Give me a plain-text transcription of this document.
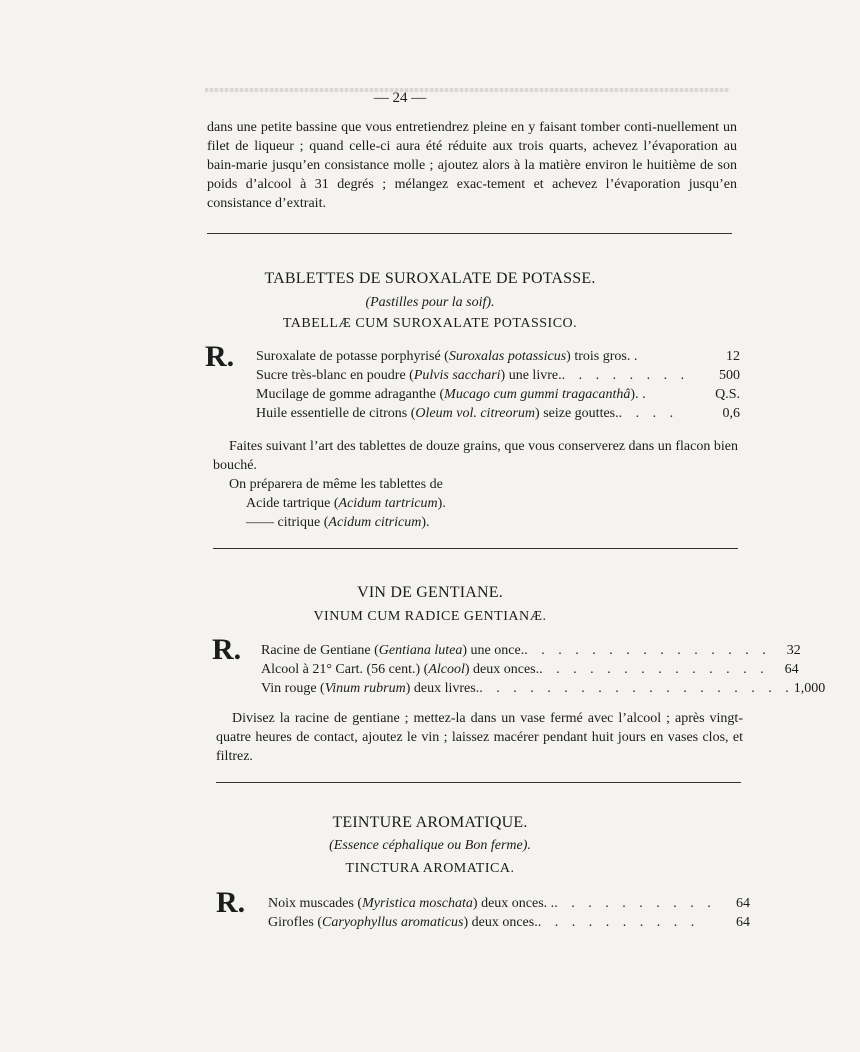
— 24 —
dans une petite bassine que vous entretiendrez pleine en y faisant tomber conti-nuellement un filet de liqueur ; quand celle-ci aura été réduite aux trois quarts, achevez l’évaporation au bain-marie jusqu’en consistance molle ; ajoutez alors à la matière environ le huitième de son poids d’alcool à 31 degrés ; mélangez exac-tement et achevez l’évaporation jusqu’en consistance d’extrait.
TABLETTES DE SUROXALATE DE POTASSE.
(Pastilles pour la soif).
TABELLÆ CUM SUROXALATE POTASSICO.
R. Suroxalate de potasse porphyrisé (Suroxalas potassicus) trois gros. .	12
Sucre très-blanc en poudre (Pulvis sacchari) une livre. . . . . . . . .	500
Mucilage de gomme adraganthe (Mucago cum gummi tragacanthâ). .	Q.S.
Huile essentielle de citrons (Oleum vol. citreorum) seize gouttes. . . . .	0,6
Faites suivant l’art des tablettes de douze grains, que vous conserverez dans un flacon bien bouché.
On préparera de même les tablettes de
Acide tartrique (Acidum tartricum).
—— citrique (Acidum citricum).
VIN DE GENTIANE.
VINUM CUM RADICE GENTIANÆ.
R. Racine de Gentiane (Gentiana lutea) une once. . . . . . . . . . . . . . . .	32
Alcool à 21° Cart. (56 cent.) (Alcool) deux onces. . . . . . . . . . . . . . .	64
Vin rouge (Vinum rubrum) deux livres. . . . . . . . . . . . . . . . . . . . 1,000
Divisez la racine de gentiane ; mettez-la dans un vase fermé avec l’alcool ; après vingt-quatre heures de contact, ajoutez le vin ; laissez macérer pendant huit jours en vases clos, et filtrez.
TEINTURE AROMATIQUE.
(Essence céphalique ou Bon ferme).
TINCTURA AROMATICA.
R. Noix muscades (Myristica moschata) deux onces. . . . . . . . . . . .	64
Girofles (Caryophyllus aromaticus) deux onces. . . . . . . . . . .	64
